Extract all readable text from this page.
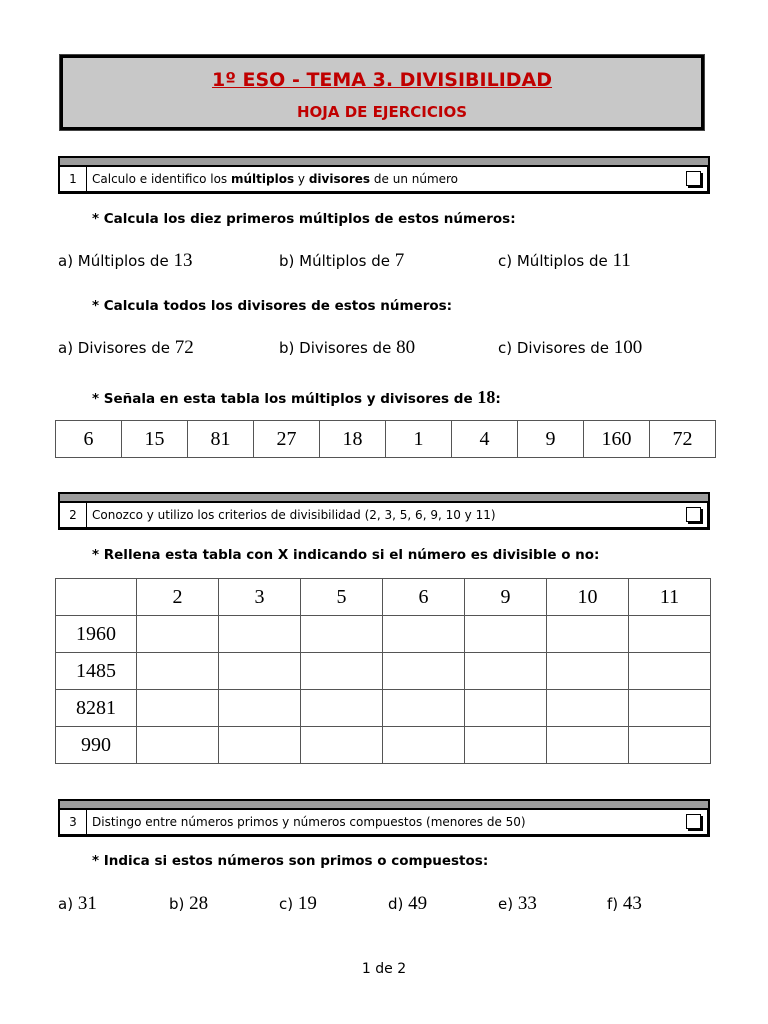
1º ESO - TEMA 3. DIVISIBILIDAD
HOJA DE EJERCICIOS
1	Calculo e identifico los múltiplos y divisores de un número
* Calcula los diez primeros múltiplos de estos números:
a) Múltiplos de 13	b) Múltiplos de 7	c) Múltiplos de 11
* Calcula todos los divisores de estos números:
a) Divisores de 72	b) Divisores de 80	c) Divisores de 100
* Señala en esta tabla los múltiplos y divisores de 18:
6	15	81	27	18	1	4	9	160	72
2	Conozco y utilizo los criterios de divisibilidad (2, 3, 5, 6, 9, 10 y 11)
* Rellena esta tabla con X indicando si el número es divisible o no:
	2	3	5	6	9	10	11
1960							
1485							
8281							
990							
3	Distingo entre números primos y números compuestos (menores de 50)
* Indica si estos números son primos o compuestos:
a) 31	b) 28	c) 19	d) 49	e) 33	f) 43
1 de 2
